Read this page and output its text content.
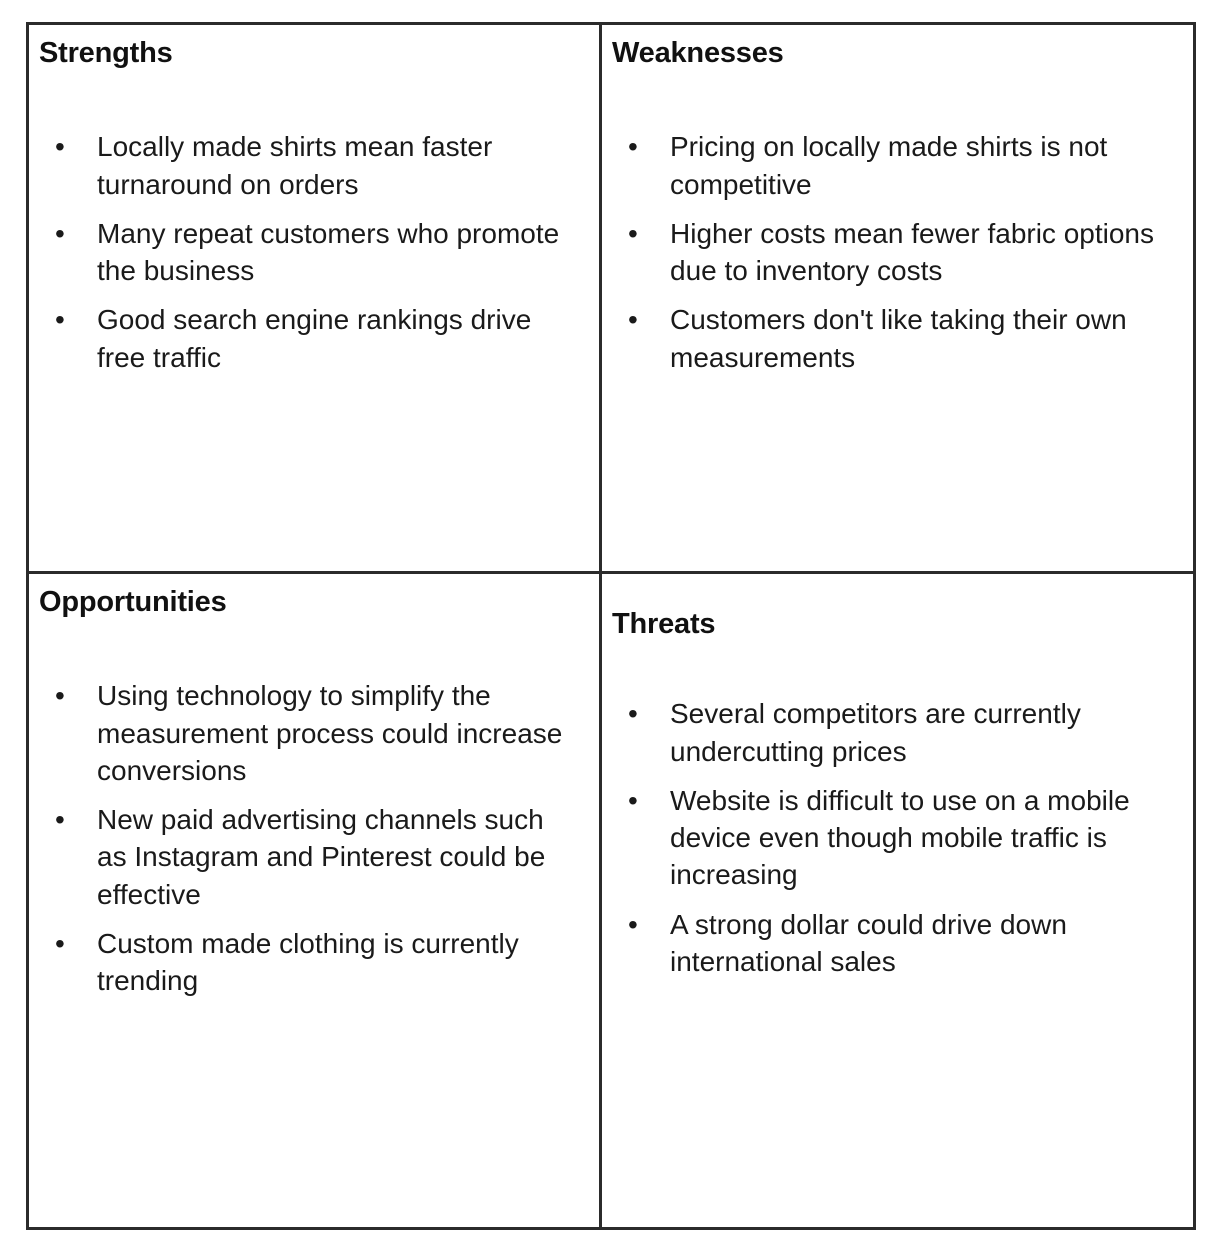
Strengths
• Locally made shirts mean faster turnaround on orders
• Many repeat customers who promote the business
• Good search engine rankings drive free traffic
Weaknesses
• Pricing on locally made shirts is not competitive
• Higher costs mean fewer fabric options due to inventory costs
• Customers don't like taking their own measurements
Opportunities
• Using technology to simplify the measurement process could increase conversions
• New paid advertising channels such as Instagram and Pinterest could be effective
• Custom made clothing is currently trending
Threats
• Several competitors are currently undercutting prices
• Website is difficult to use on a mobile device even though mobile traffic is increasing
• A strong dollar could drive down international sales
